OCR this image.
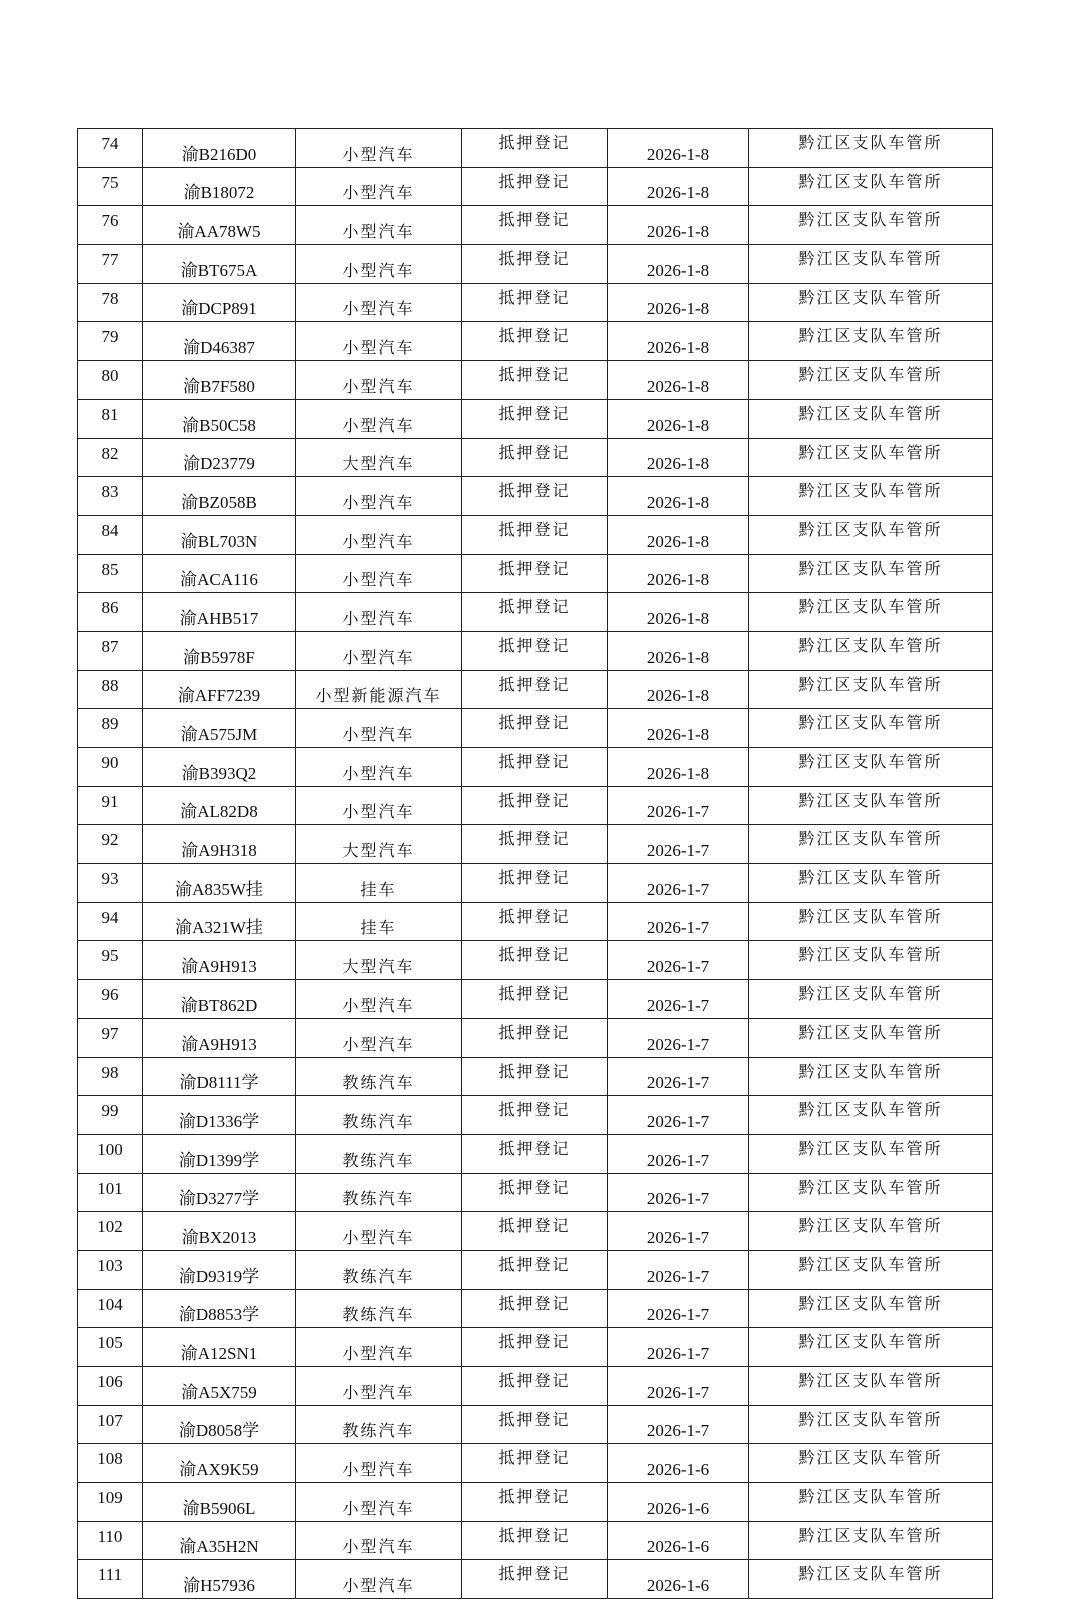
74	渝B216D0	小型汽车	抵押登记	2026-1-8	黔江区支队车管所
75	渝B18072	小型汽车	抵押登记	2026-1-8	黔江区支队车管所
76	渝AA78W5	小型汽车	抵押登记	2026-1-8	黔江区支队车管所
77	渝BT675A	小型汽车	抵押登记	2026-1-8	黔江区支队车管所
78	渝DCP891	小型汽车	抵押登记	2026-1-8	黔江区支队车管所
79	渝D46387	小型汽车	抵押登记	2026-1-8	黔江区支队车管所
80	渝B7F580	小型汽车	抵押登记	2026-1-8	黔江区支队车管所
81	渝B50C58	小型汽车	抵押登记	2026-1-8	黔江区支队车管所
82	渝D23779	大型汽车	抵押登记	2026-1-8	黔江区支队车管所
83	渝BZ058B	小型汽车	抵押登记	2026-1-8	黔江区支队车管所
84	渝BL703N	小型汽车	抵押登记	2026-1-8	黔江区支队车管所
85	渝ACA116	小型汽车	抵押登记	2026-1-8	黔江区支队车管所
86	渝AHB517	小型汽车	抵押登记	2026-1-8	黔江区支队车管所
87	渝B5978F	小型汽车	抵押登记	2026-1-8	黔江区支队车管所
88	渝AFF7239	小型新能源汽车	抵押登记	2026-1-8	黔江区支队车管所
89	渝A575JM	小型汽车	抵押登记	2026-1-8	黔江区支队车管所
90	渝B393Q2	小型汽车	抵押登记	2026-1-8	黔江区支队车管所
91	渝AL82D8	小型汽车	抵押登记	2026-1-7	黔江区支队车管所
92	渝A9H318	大型汽车	抵押登记	2026-1-7	黔江区支队车管所
93	渝A835W挂	挂车	抵押登记	2026-1-7	黔江区支队车管所
94	渝A321W挂	挂车	抵押登记	2026-1-7	黔江区支队车管所
95	渝A9H913	大型汽车	抵押登记	2026-1-7	黔江区支队车管所
96	渝BT862D	小型汽车	抵押登记	2026-1-7	黔江区支队车管所
97	渝A9H913	小型汽车	抵押登记	2026-1-7	黔江区支队车管所
98	渝D8111学	教练汽车	抵押登记	2026-1-7	黔江区支队车管所
99	渝D1336学	教练汽车	抵押登记	2026-1-7	黔江区支队车管所
100	渝D1399学	教练汽车	抵押登记	2026-1-7	黔江区支队车管所
101	渝D3277学	教练汽车	抵押登记	2026-1-7	黔江区支队车管所
102	渝BX2013	小型汽车	抵押登记	2026-1-7	黔江区支队车管所
103	渝D9319学	教练汽车	抵押登记	2026-1-7	黔江区支队车管所
104	渝D8853学	教练汽车	抵押登记	2026-1-7	黔江区支队车管所
105	渝A12SN1	小型汽车	抵押登记	2026-1-7	黔江区支队车管所
106	渝A5X759	小型汽车	抵押登记	2026-1-7	黔江区支队车管所
107	渝D8058学	教练汽车	抵押登记	2026-1-7	黔江区支队车管所
108	渝AX9K59	小型汽车	抵押登记	2026-1-6	黔江区支队车管所
109	渝B5906L	小型汽车	抵押登记	2026-1-6	黔江区支队车管所
110	渝A35H2N	小型汽车	抵押登记	2026-1-6	黔江区支队车管所
111	渝H57936	小型汽车	抵押登记	2026-1-6	黔江区支队车管所
